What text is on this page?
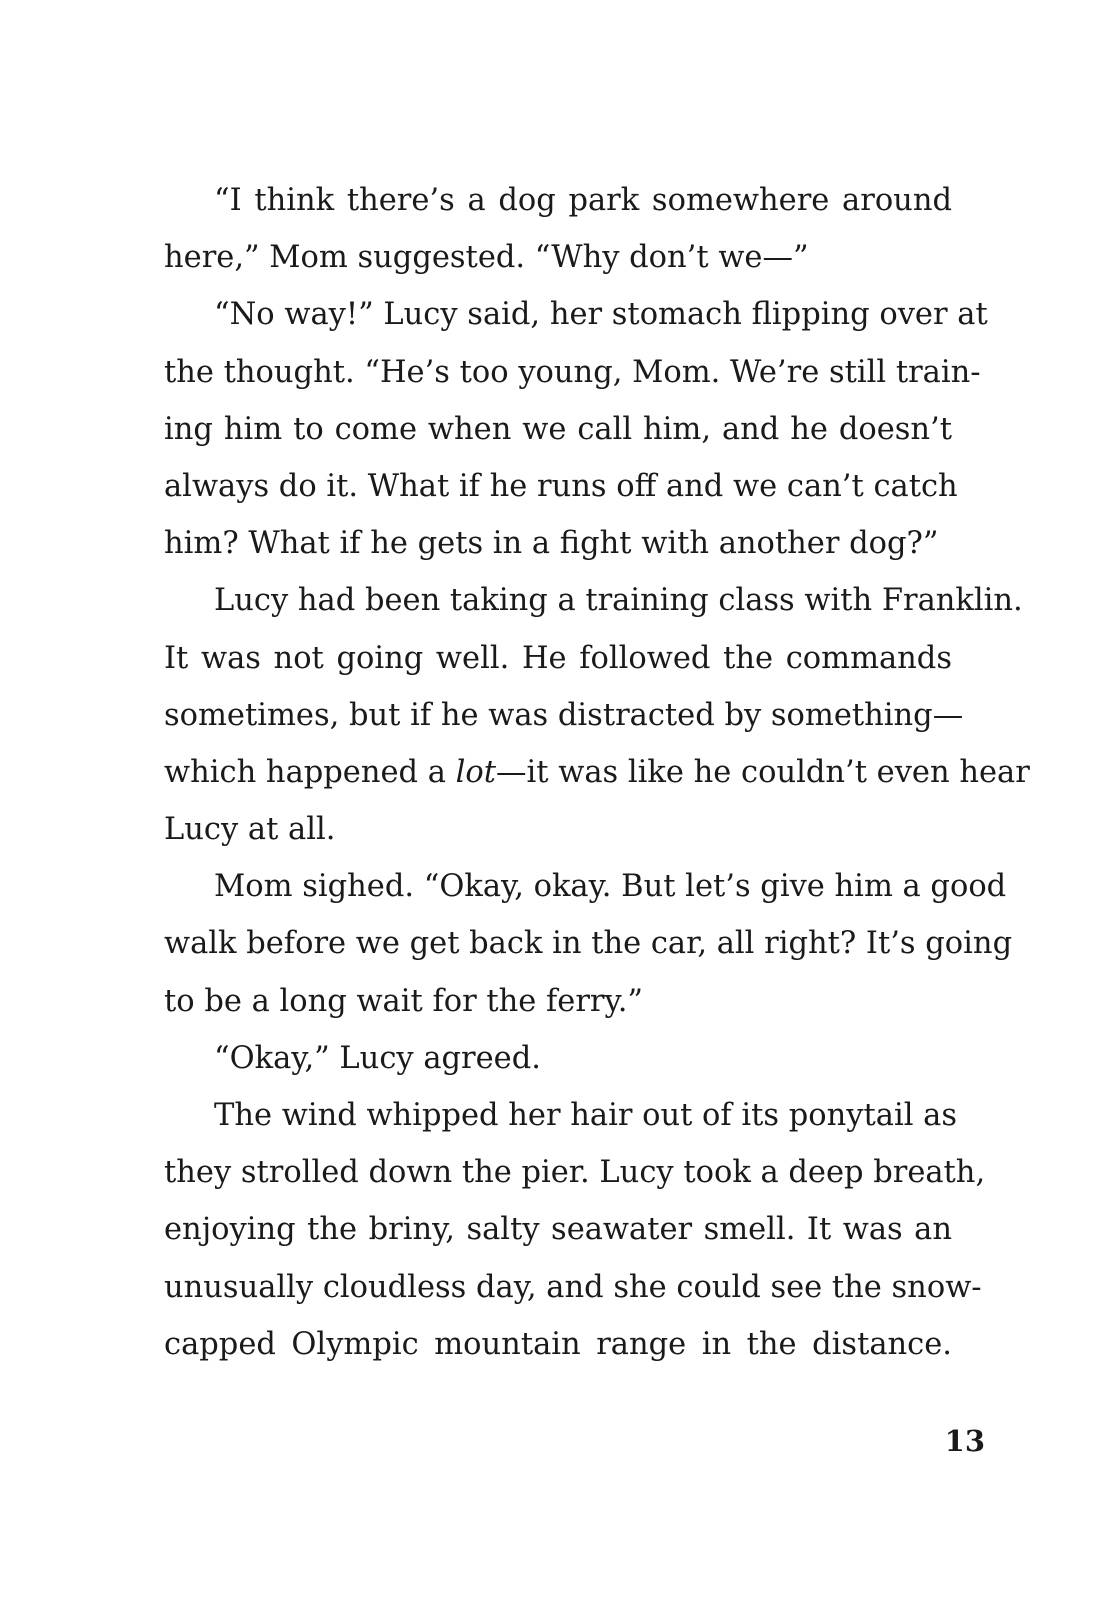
“I think there’s a dog park somewhere around
here,” Mom suggested. “Why don’t we—”
“No way!” Lucy said, her stomach flipping over at
the thought. “He’s too young, Mom. We’re still train-
ing him to come when we call him, and he doesn’t
always do it. What if he runs off and we can’t catch
him? What if he gets in a fight with another dog?”
Lucy had been taking a training class with Franklin.
It was not going well. He followed the commands
sometimes, but if he was distracted by something—
which happened a lot—it was like he couldn’t even hear
Lucy at all.
Mom sighed. “Okay, okay. But let’s give him a good
walk before we get back in the car, all right? It’s going
to be a long wait for the ferry.”
“Okay,” Lucy agreed.
The wind whipped her hair out of its ponytail as
they strolled down the pier. Lucy took a deep breath,
enjoying the briny, salty seawater smell. It was an
unusually cloudless day, and she could see the snow-
capped Olympic mountain range in the distance.
13
